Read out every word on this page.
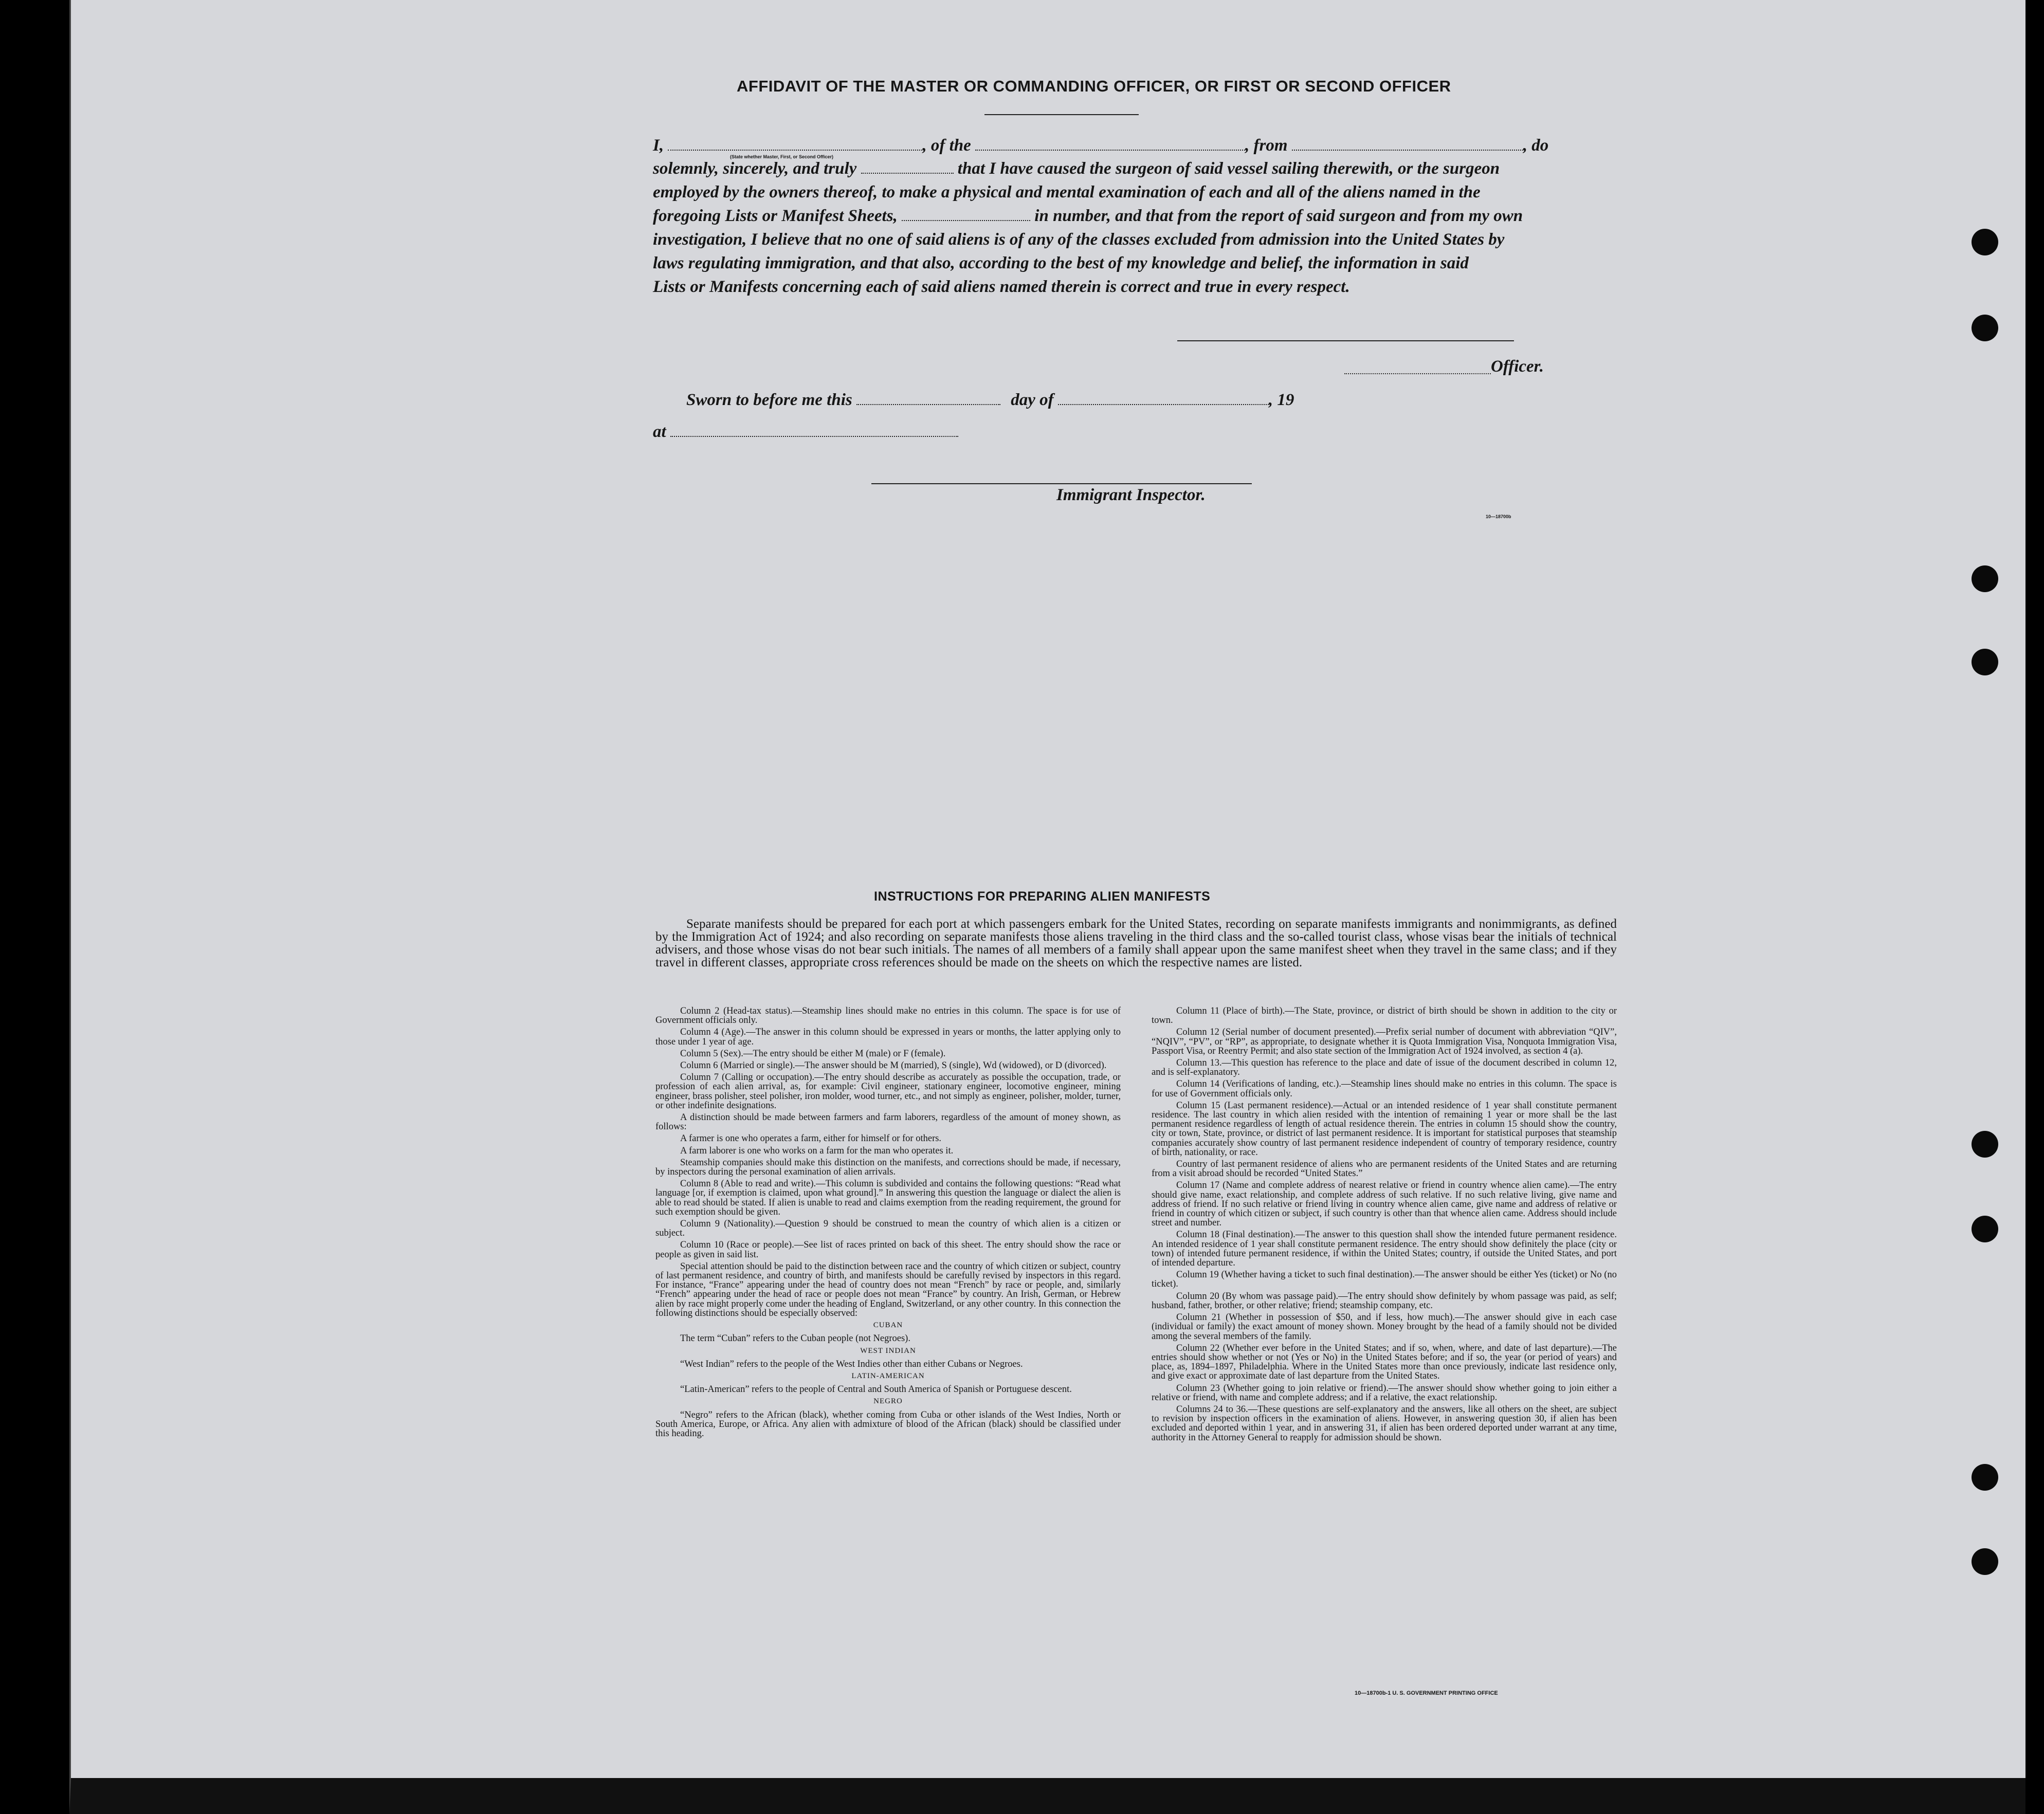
AFFIDAVIT OF THE MASTER OR COMMANDING OFFICER, OR FIRST OR SECOND OFFICER
I,	, of the	, from	, do
(State whether Master, First, or Second Officer)
solemnly, sincerely, and truly	that I have caused the surgeon of said vessel sailing therewith, or the surgeon
employed by the owners thereof, to make a physical and mental examination of each and all of the aliens named in the
foregoing Lists or Manifest Sheets,	in number, and that from the report of said surgeon and from my own
investigation, I believe that no one of said aliens is of any of the classes excluded from admission into the United States by
laws regulating immigration, and that also, according to the best of my knowledge and belief, the information in said
Lists or Manifests concerning each of said aliens named therein is correct and true in every respect.
Officer.
Sworn to before me this	day of	, 19
at
Immigrant Inspector.
10—18700b
INSTRUCTIONS FOR PREPARING ALIEN MANIFESTS
Separate manifests should be prepared for each port at which passengers embark for the United States, recording on separate manifests immigrants and nonimmigrants, as defined by the Immigration Act of 1924; and also recording on separate manifests those aliens traveling in the third class and the so-called tourist class, whose visas bear the initials of technical advisers, and those whose visas do not bear such initials. The names of all members of a family shall appear upon the same manifest sheet when they travel in the same class; and if they travel in different classes, appropriate cross references should be made on the sheets on which the respective names are listed.

Column 2 (Head-tax status).—Steamship lines should make no entries in this column. The space is for use of Government officials only.

Column 4 (Age).—The answer in this column should be expressed in years or months, the latter applying only to those under 1 year of age.

Column 5 (Sex).—The entry should be either M (male) or F (female).

Column 6 (Married or single).—The answer should be M (married), S (single), Wd (widowed), or D (divorced).

Column 7 (Calling or occupation).—The entry should describe as accurately as possible the occupation, trade, or profession of each alien arrival, as, for example: Civil engineer, stationary engineer, locomotive engineer, mining engineer, brass polisher, steel polisher, iron molder, wood turner, etc., and not simply as engineer, polisher, molder, turner, or other indefinite designations.

A distinction should be made between farmers and farm laborers, regardless of the amount of money shown, as follows:

A farmer is one who operates a farm, either for himself or for others.

A farm laborer is one who works on a farm for the man who operates it.

Steamship companies should make this distinction on the manifests, and corrections should be made, if necessary, by inspectors during the personal examination of alien arrivals.

Column 8 (Able to read and write).—This column is subdivided and contains the following questions: “Read what language [or, if exemption is claimed, upon what ground].” In answering this question the language or dialect the alien is able to read should be stated. If alien is unable to read and claims exemption from the reading requirement, the ground for such exemption should be given.

Column 9 (Nationality).—Question 9 should be construed to mean the country of which alien is a citizen or subject.

Column 10 (Race or people).—See list of races printed on back of this sheet. The entry should show the race or people as given in said list.

Special attention should be paid to the distinction between race and the country of which citizen or subject, country of last permanent residence, and country of birth, and manifests should be carefully revised by inspectors in this regard. For instance, “France” appearing under the head of country does not mean “French” by race or people, and, similarly “French” appearing under the head of race or people does not mean “France” by country. An Irish, German, or Hebrew alien by race might properly come under the heading of England, Switzerland, or any other country. In this connection the following distinctions should be especially observed:

CUBAN

The term “Cuban” refers to the Cuban people (not Negroes).

WEST INDIAN

“West Indian” refers to the people of the West Indies other than either Cubans or Negroes.

LATIN-AMERICAN

“Latin-American” refers to the people of Central and South America of Spanish or Portuguese descent.

NEGRO

“Negro” refers to the African (black), whether coming from Cuba or other islands of the West Indies, North or South America, Europe, or Africa. Any alien with admixture of blood of the African (black) should be classified under this heading.

Column 11 (Place of birth).—The State, province, or district of birth should be shown in addition to the city or town.

Column 12 (Serial number of document presented).—Prefix serial number of document with abbreviation “QIV”, “NQIV”, “PV”, or “RP”, as appropriate, to designate whether it is Quota Immigration Visa, Nonquota Immigration Visa, Passport Visa, or Reentry Permit; and also state section of the Immigration Act of 1924 involved, as section 4 (a).

Column 13.—This question has reference to the place and date of issue of the document described in column 12, and is self-explanatory.

Column 14 (Verifications of landing, etc.).—Steamship lines should make no entries in this column. The space is for use of Government officials only.

Column 15 (Last permanent residence).—Actual or an intended residence of 1 year shall constitute permanent residence. The last country in which alien resided with the intention of remaining 1 year or more shall be the last permanent residence regardless of length of actual residence therein. The entries in column 15 should show the country, city or town, State, province, or district of last permanent residence. It is important for statistical purposes that steamship companies accurately show country of last permanent residence independent of country of temporary residence, country of birth, nationality, or race.

Country of last permanent residence of aliens who are permanent residents of the United States and are returning from a visit abroad should be recorded “United States.”

Column 17 (Name and complete address of nearest relative or friend in country whence alien came).—The entry should give name, exact relationship, and complete address of such relative. If no such relative living, give name and address of friend. If no such relative or friend living in country whence alien came, give name and address of relative or friend in country of which citizen or subject, if such country is other than that whence alien came. Address should include street and number.

Column 18 (Final destination).—The answer to this question shall show the intended future permanent residence. An intended residence of 1 year shall constitute permanent residence. The entry should show definitely the place (city or town) of intended future permanent residence, if within the United States; country, if outside the United States, and port of intended departure.

Column 19 (Whether having a ticket to such final destination).—The answer should be either Yes (ticket) or No (no ticket).

Column 20 (By whom was passage paid).—The entry should show definitely by whom passage was paid, as self; husband, father, brother, or other relative; friend; steamship company, etc.

Column 21 (Whether in possession of $50, and if less, how much).—The answer should give in each case (individual or family) the exact amount of money shown. Money brought by the head of a family should not be divided among the several members of the family.

Column 22 (Whether ever before in the United States; and if so, when, where, and date of last departure).—The entries should show whether or not (Yes or No) in the United States before; and if so, the year (or period of years) and place, as, 1894–1897, Philadelphia. Where in the United States more than once previously, indicate last residence only, and give exact or approximate date of last departure from the United States.

Column 23 (Whether going to join relative or friend).—The answer should show whether going to join either a relative or friend, with name and complete address; and if a relative, the exact relationship.

Columns 24 to 36.—These questions are self-explanatory and the answers, like all others on the sheet, are subject to revision by inspection officers in the examination of aliens. However, in answering question 30, if alien has been excluded and deported within 1 year, and in answering 31, if alien has been ordered deported under warrant at any time, authority in the Attorney General to reapply for admission should be shown.

10—18700b-1 U. S. GOVERNMENT PRINTING OFFICE
